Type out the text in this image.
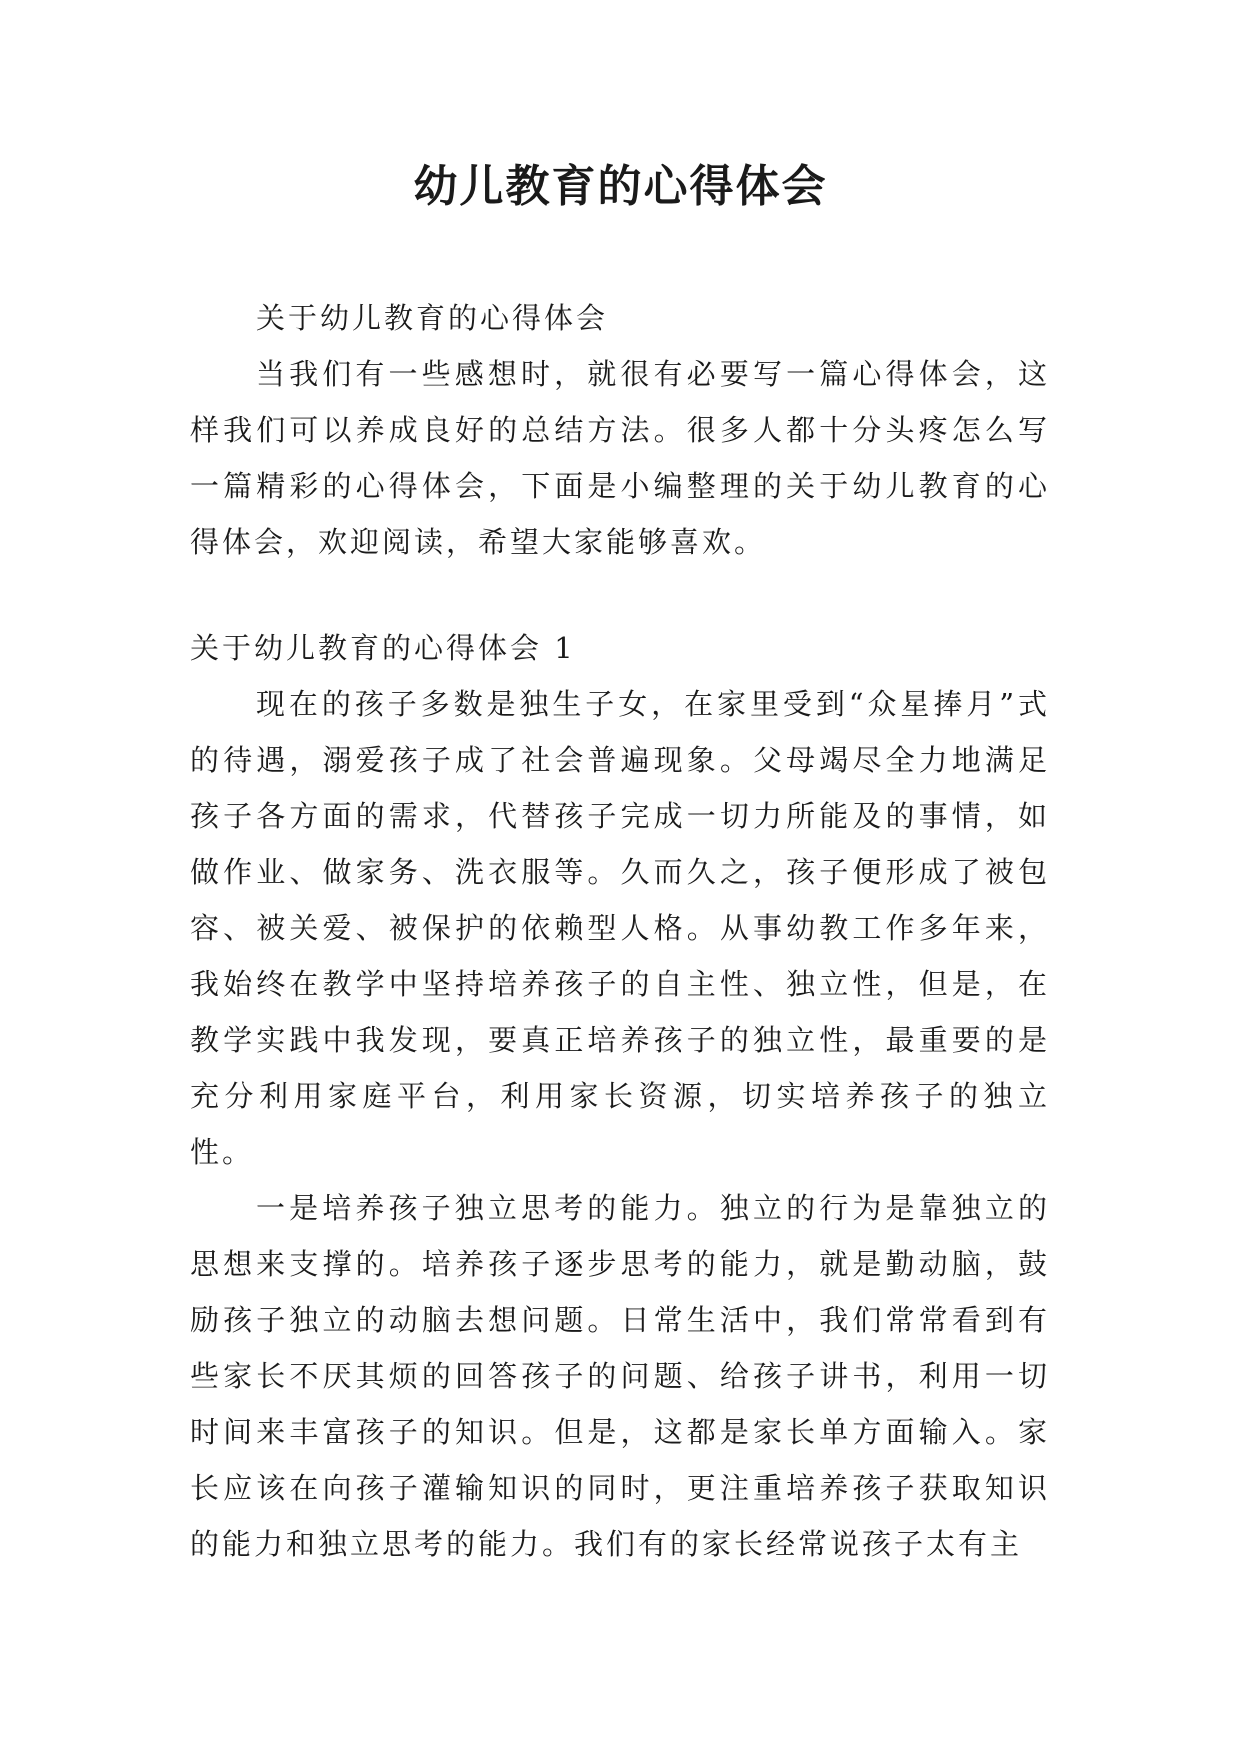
幼儿教育的心得体会

关于幼儿教育的心得体会

当我们有一些感想时，就很有必要写一篇心得体会，这样我们可以养成良好的总结方法。很多人都十分头疼怎么写一篇精彩的心得体会，下面是小编整理的关于幼儿教育的心得体会，欢迎阅读，希望大家能够喜欢。

关于幼儿教育的心得体会 1

现在的孩子多数是独生子女，在家里受到“众星捧月”式的待遇，溺爱孩子成了社会普遍现象。父母竭尽全力地满足孩子各方面的需求，代替孩子完成一切力所能及的事情，如做作业、做家务、洗衣服等。久而久之，孩子便形成了被包容、被关爱、被保护的依赖型人格。从事幼教工作多年来，我始终在教学中坚持培养孩子的自主性、独立性，但是，在教学实践中我发现，要真正培养孩子的独立性，最重要的是充分利用家庭平台，利用家长资源，切实培养孩子的独立性。

一是培养孩子独立思考的能力。独立的行为是靠独立的思想来支撑的。培养孩子逐步思考的能力，就是勤动脑，鼓励孩子独立的动脑去想问题。日常生活中，我们常常看到有些家长不厌其烦的回答孩子的问题、给孩子讲书，利用一切时间来丰富孩子的知识。但是，这都是家长单方面输入。家长应该在向孩子灌输知识的同时，更注重培养孩子获取知识的能力和独立思考的能力。我们有的家长经常说孩子太有主
